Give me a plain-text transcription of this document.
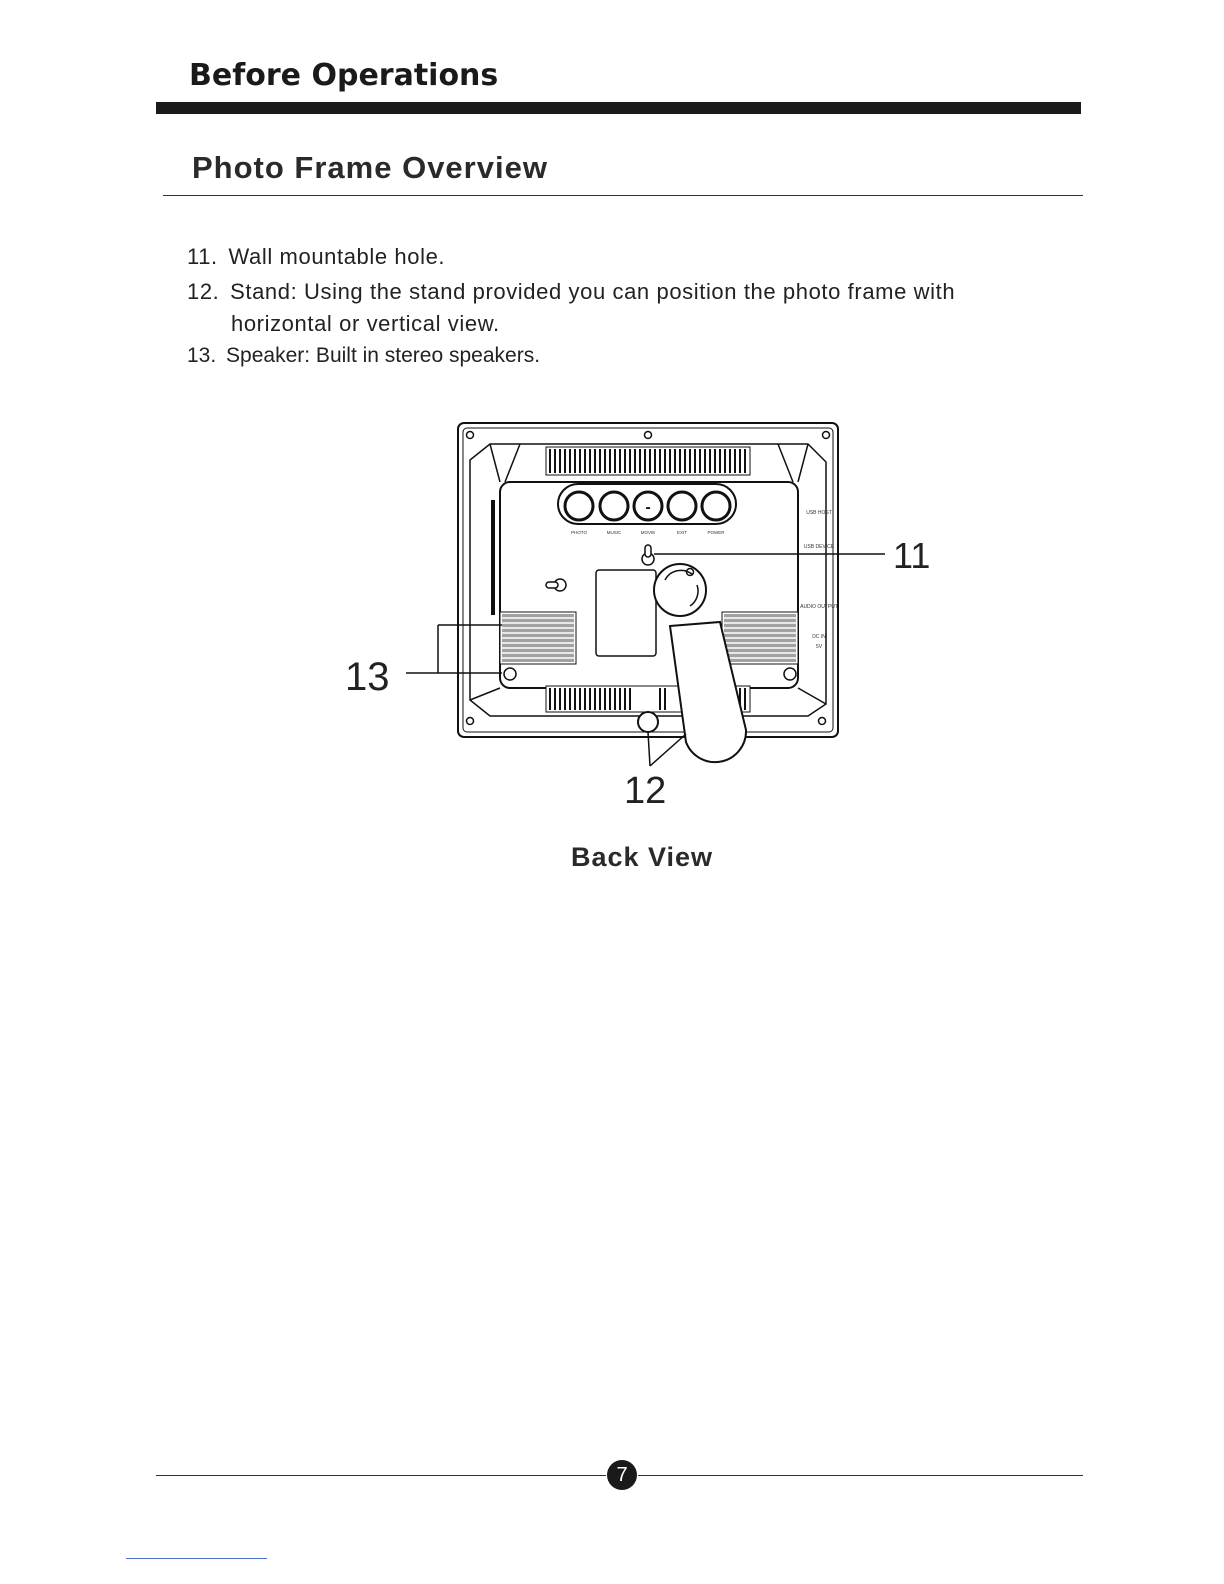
Before Operations
Photo Frame Overview

11. Wall mountable hole.

12. Stand: Using the stand provided you can position the photo frame with
horizontal or vertical view.

13. Speaker: Built in stereo speakers.

-
PHOTO	MUSIC	MOVIE	EXIT	POWER
USB HOST
USB DEVICE
AUDIO OUTPUT
DC IN
5V
11
13
12

Back View

7
